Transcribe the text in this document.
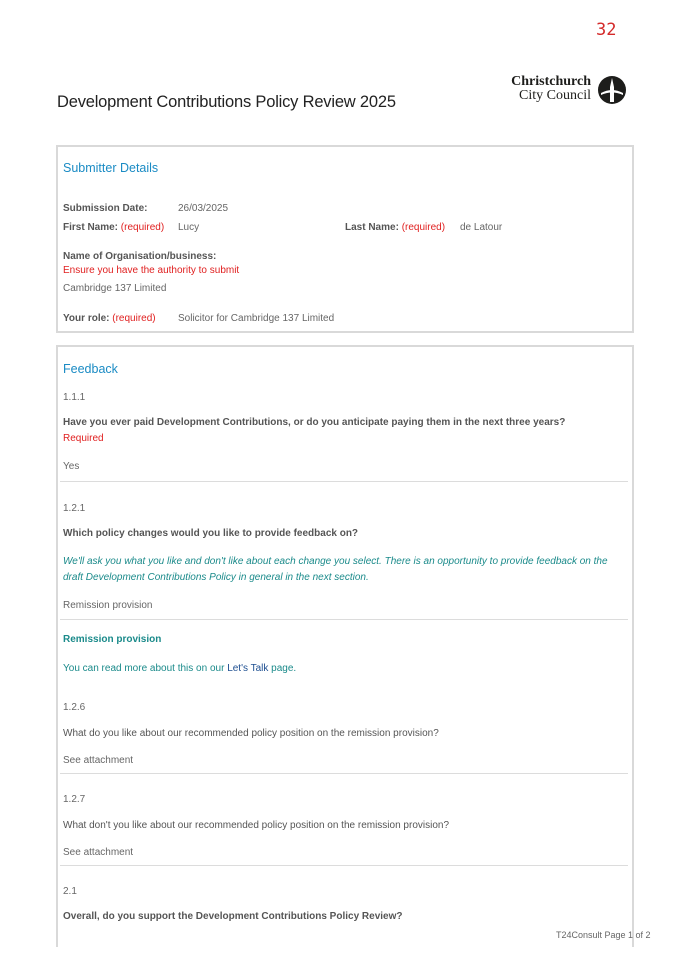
32
Development Contributions Policy Review 2025
Christchurch
City Council
Submitter Details
Submission Date:	26/03/2025
First Name: (required) Lucy	Last Name: (required) de Latour
Name of Organisation/business:
Ensure you have the authority to submit
Cambridge 137 Limited
Your role: (required) Solicitor for Cambridge 137 Limited
Feedback
1.1.1
Have you ever paid Development Contributions, or do you anticipate paying them in the next three years?
Required
Yes
1.2.1
Which policy changes would you like to provide feedback on?
We'll ask you what you like and don't like about each change you select. There is an opportunity to provide feedback on the draft Development Contributions Policy in general in the next section.
Remission provision
Remission provision
You can read more about this on our Let's Talk page.
1.2.6
What do you like about our recommended policy position on the remission provision?
See attachment
1.2.7
What don't you like about our recommended policy position on the remission provision?
See attachment
2.1
Overall, do you support the Development Contributions Policy Review?
T24Consult Page 1 of 2
